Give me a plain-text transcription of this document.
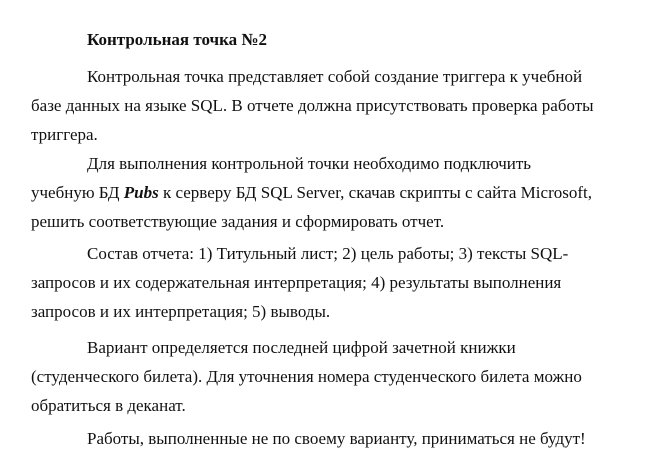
Контрольная точка №2

Контрольная точка представляет собой создание триггера к учебной
базе данных на языке SQL. В отчете должна присутствовать проверка работы
триггера.

Для выполнения контрольной точки необходимо подключить
учебную БД Pubs к серверу БД SQL Server, скачав скрипты с сайта Microsoft,
решить соответствующие задания и сформировать отчет.

Состав отчета: 1) Титульный лист; 2) цель работы; 3) тексты SQL-
запросов и их содержательная интерпретация; 4) результаты выполнения
запросов и их интерпретация; 5) выводы.

Вариант определяется последней цифрой зачетной книжки
(студенческого билета). Для уточнения номера студенческого билета можно
обратиться в деканат.

Работы, выполненные не по своему варианту, приниматься не будут!
